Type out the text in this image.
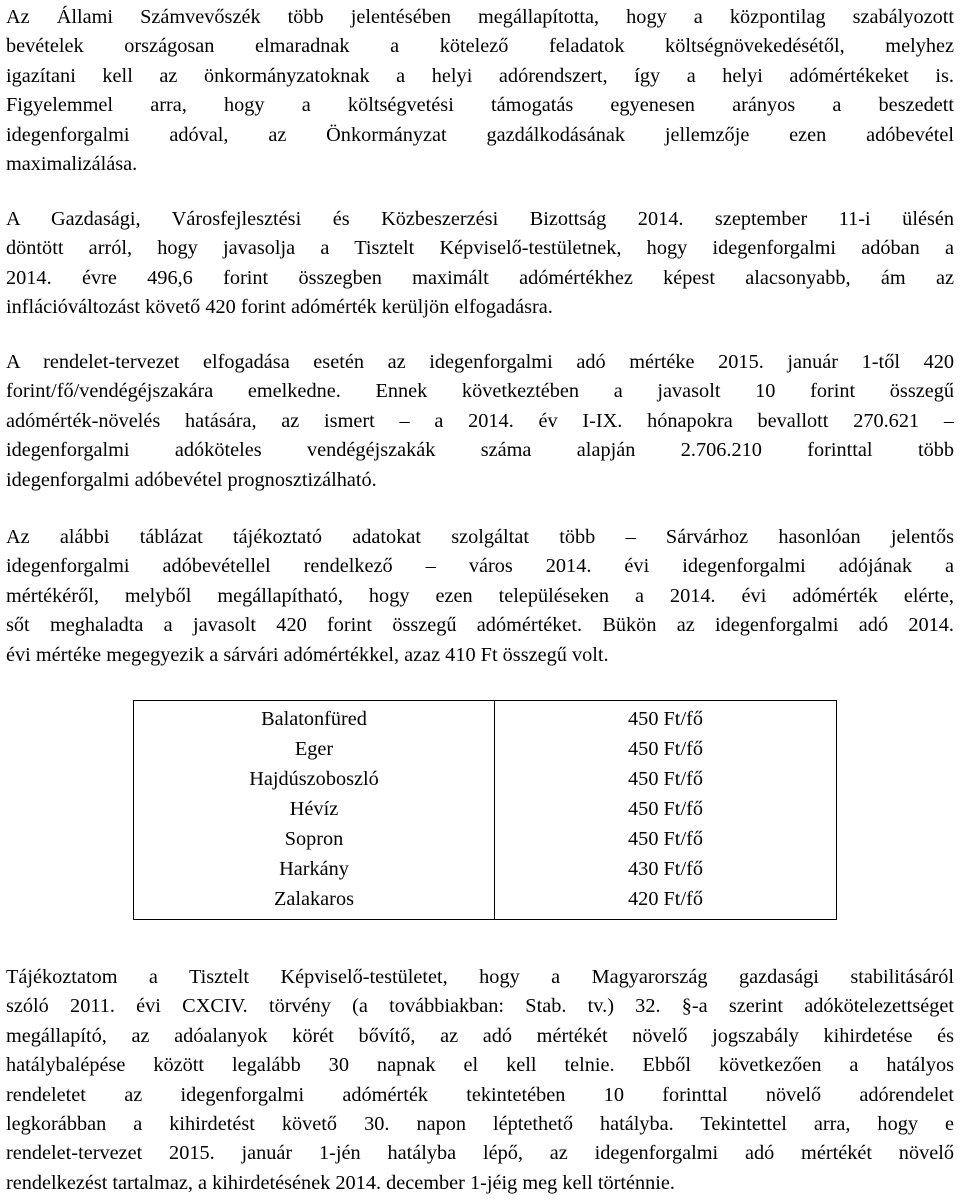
Az Állami Számvevőszék több jelentésében megállapította, hogy a központilag szabályozott
bevételek országosan elmaradnak a kötelező feladatok költségnövekedésétől, melyhez
igazítani kell az önkormányzatoknak a helyi adórendszert, így a helyi adómértékeket is.
Figyelemmel arra, hogy a költségvetési támogatás egyenesen arányos a beszedett
idegenforgalmi adóval, az Önkormányzat gazdálkodásának jellemzője ezen adóbevétel
maximalizálása.
A Gazdasági, Városfejlesztési és Közbeszerzési Bizottság 2014. szeptember 11-i ülésén
döntött arról, hogy javasolja a Tisztelt Képviselő-testületnek, hogy idegenforgalmi adóban a
2014. évre 496,6 forint összegben maximált adómértékhez képest alacsonyabb, ám az
inflációváltozást követő 420 forint adómérték kerüljön elfogadásra.
A rendelet-tervezet elfogadása esetén az idegenforgalmi adó mértéke 2015. január 1-től 420
forint/fő/vendégéjszakára emelkedne. Ennek következtében a javasolt 10 forint összegű
adómérték-növelés hatására, az ismert – a 2014. év I-IX. hónapokra bevallott 270.621 –
idegenforgalmi adóköteles vendégéjszakák száma alapján 2.706.210 forinttal több
idegenforgalmi adóbevétel prognosztizálható.
Az alábbi táblázat tájékoztató adatokat szolgáltat több – Sárvárhoz hasonlóan jelentős
idegenforgalmi adóbevétellel rendelkező – város 2014. évi idegenforgalmi adójának a
mértékéről, melyből megállapítható, hogy ezen településeken a 2014. évi adómérték elérte,
sőt meghaladta a javasolt 420 forint összegű adómértéket. Bükön az idegenforgalmi adó 2014.
évi mértéke megegyezik a sárvári adómértékkel, azaz 410 Ft összegű volt.
Balatonfüred	450 Ft/fő
Eger	450 Ft/fő
Hajdúszoboszló	450 Ft/fő
Hévíz	450 Ft/fő
Sopron	450 Ft/fő
Harkány	430 Ft/fő
Zalakaros	420 Ft/fő
Tájékoztatom a Tisztelt Képviselő-testületet, hogy a Magyarország gazdasági stabilitásáról
szóló 2011. évi CXCIV. törvény (a továbbiakban: Stab. tv.) 32. §-a szerint adókötelezettséget
megállapító, az adóalanyok körét bővítő, az adó mértékét növelő jogszabály kihirdetése és
hatálybalépése között legalább 30 napnak el kell telnie. Ebből következően a hatályos
rendeletet az idegenforgalmi adómérték tekintetében 10 forinttal növelő adórendelet
legkorábban a kihirdetést követő 30. napon léptethető hatályba. Tekintettel arra, hogy e
rendelet-tervezet 2015. január 1-jén hatályba lépő, az idegenforgalmi adó mértékét növelő
rendelkezést tartalmaz, a kihirdetésének 2014. december 1-jéig meg kell történnie.
